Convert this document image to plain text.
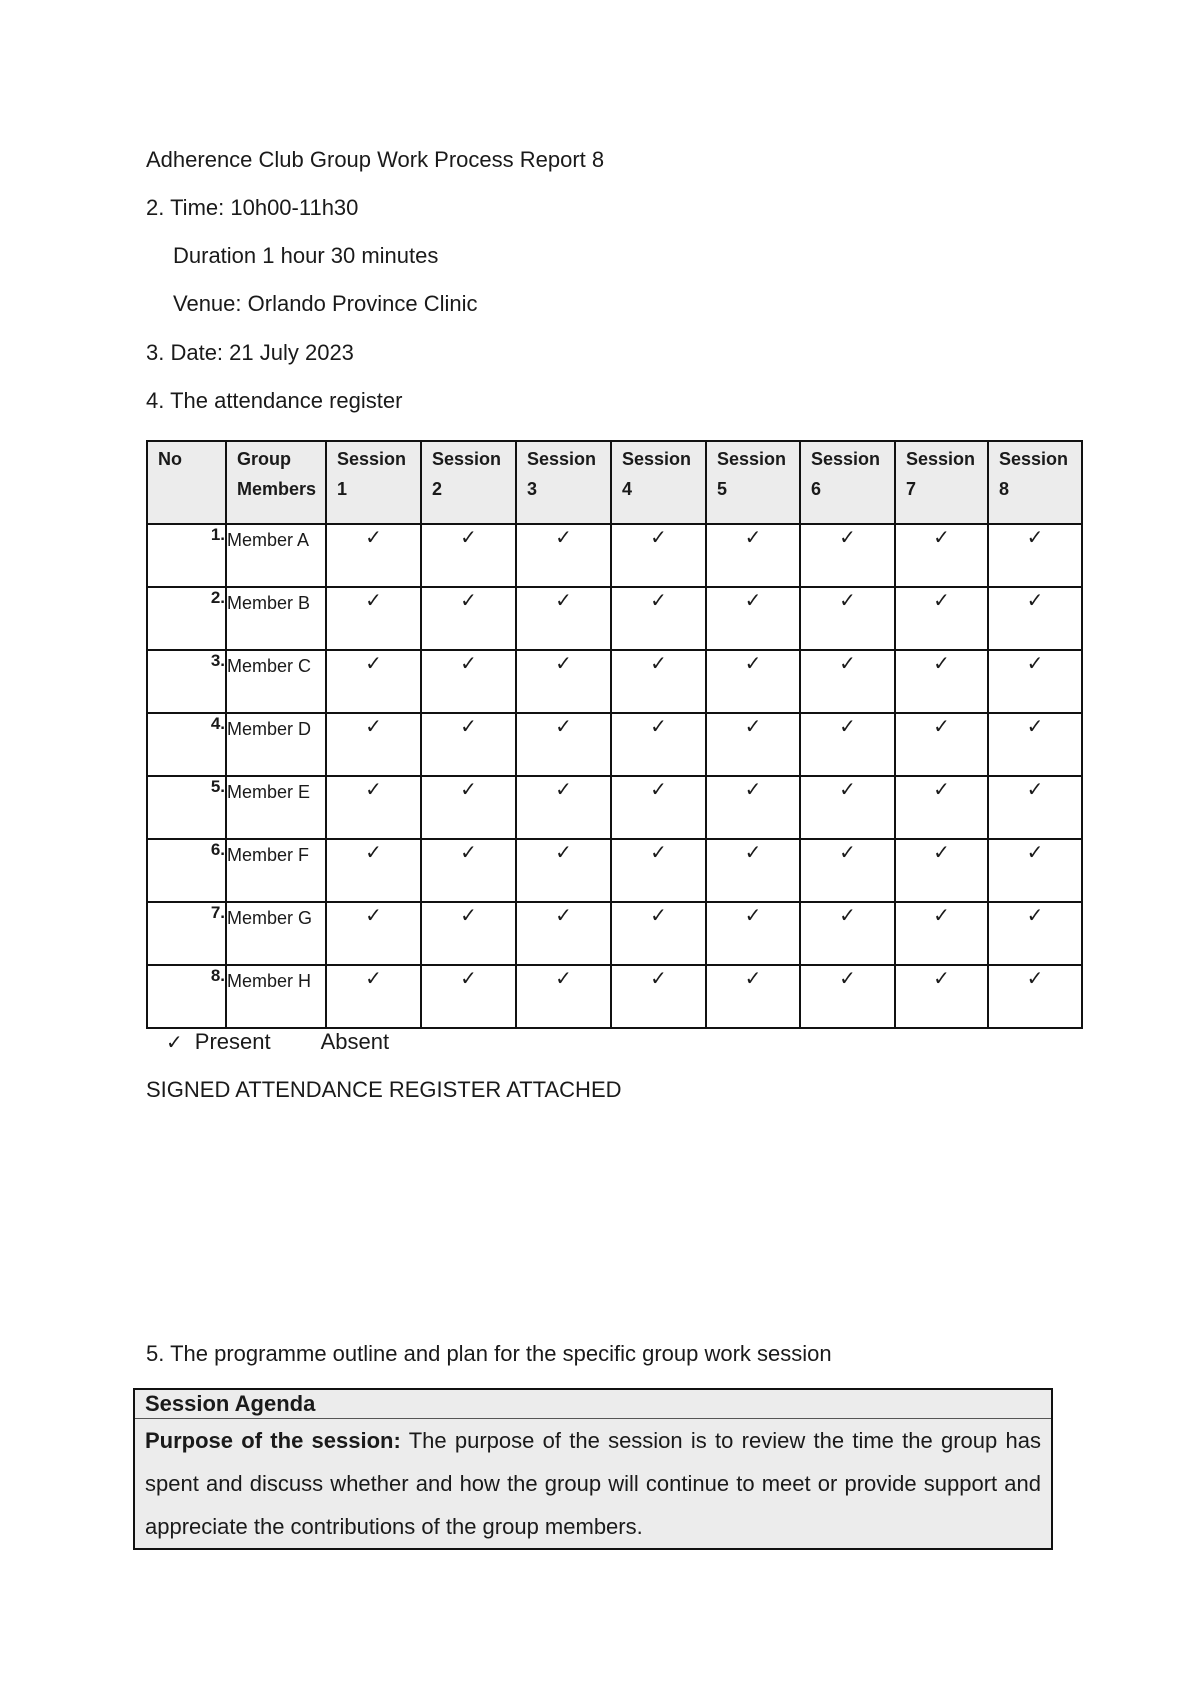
Adherence Club Group Work Process Report 8
2. Time: 10h00-11h30
Duration 1 hour 30 minutes
Venue: Orlando Province Clinic
3. Date: 21 July 2023
4. The attendance register
No	Group Members	Session 1	Session 2	Session 3	Session 4	Session 5	Session 6	Session 7	Session 8
1.	Member A	✓	✓	✓	✓	✓	✓	✓	✓
2.	Member B	✓	✓	✓	✓	✓	✓	✓	✓
3.	Member C	✓	✓	✓	✓	✓	✓	✓	✓
4.	Member D	✓	✓	✓	✓	✓	✓	✓	✓
5.	Member E	✓	✓	✓	✓	✓	✓	✓	✓
6.	Member F	✓	✓	✓	✓	✓	✓	✓	✓
7.	Member G	✓	✓	✓	✓	✓	✓	✓	✓
8.	Member H	✓	✓	✓	✓	✓	✓	✓	✓
✓ Present Absent
SIGNED ATTENDANCE REGISTER ATTACHED
5. The programme outline and plan for the specific group work session
Session Agenda
Purpose of the session: The purpose of the session is to review the time the group has spent and discuss whether and how the group will continue to meet or provide support and appreciate the contributions of the group members.
